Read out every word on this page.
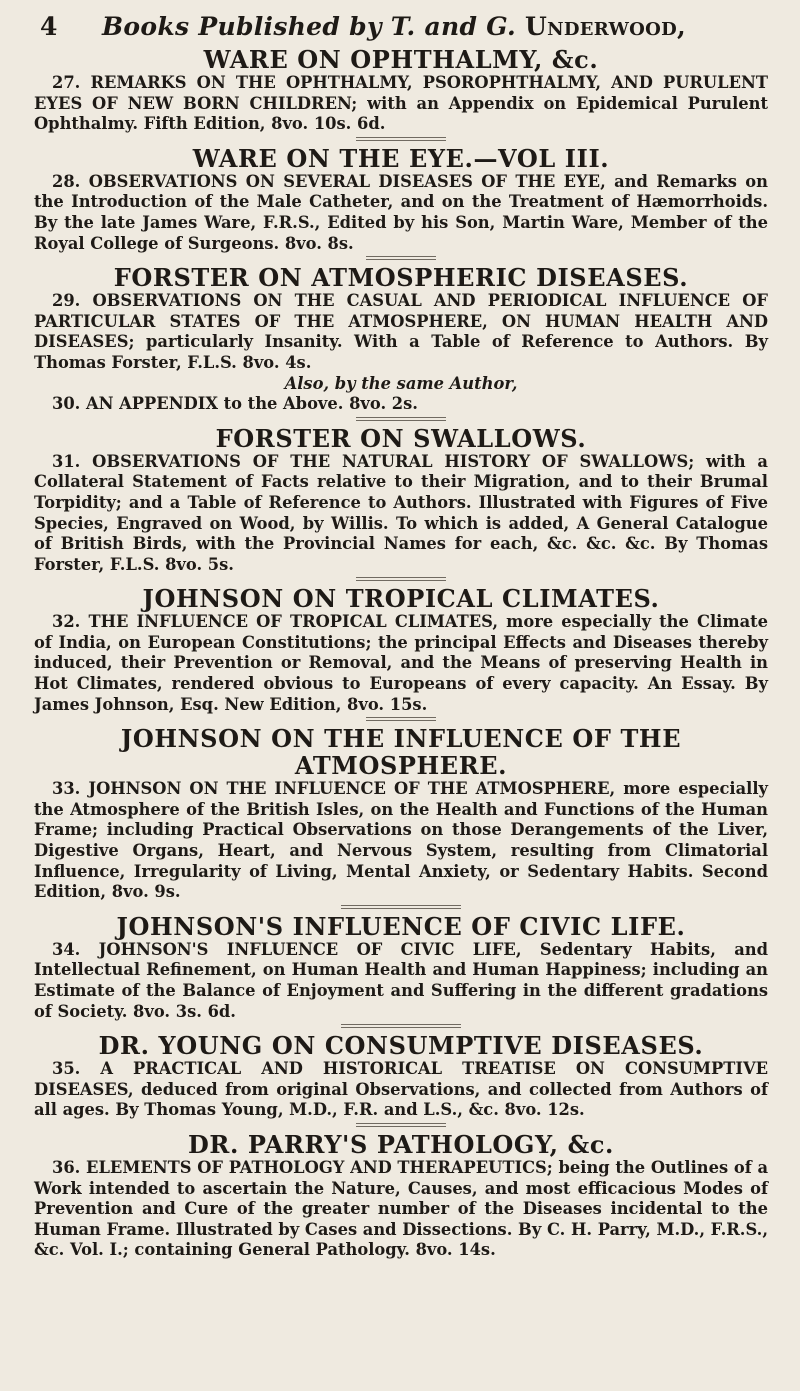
4	Books Published by T. and G. Underwood,
WARE ON OPHTHALMY, &c.

27. REMARKS ON THE OPHTHALMY, PSOROPHTHALMY, AND PURULENT EYES OF NEW BORN CHILDREN; with an Appendix on Epidemical Purulent Ophthalmy. Fifth Edition, 8vo. 10s. 6d.

WARE ON THE EYE.—VOL III.

28. OBSERVATIONS ON SEVERAL DISEASES OF THE EYE, and Remarks on the Introduction of the Male Catheter, and on the Treatment of Hæmorrhoids. By the late James Ware, F.R.S., Edited by his Son, Martin Ware, Member of the Royal College of Surgeons. 8vo. 8s.

FORSTER ON ATMOSPHERIC DISEASES.

29. OBSERVATIONS ON THE CASUAL AND PERIODICAL INFLUENCE OF PARTICULAR STATES OF THE ATMOSPHERE, ON HUMAN HEALTH AND DISEASES; particularly Insanity. With a Table of Reference to Authors. By Thomas Forster, F.L.S. 8vo. 4s.

Also, by the same Author,

30. AN APPENDIX to the Above. 8vo. 2s.

FORSTER ON SWALLOWS.

31. OBSERVATIONS OF THE NATURAL HISTORY OF SWALLOWS; with a Collateral Statement of Facts relative to their Migration, and to their Brumal Torpidity; and a Table of Reference to Authors. Illustrated with Figures of Five Species, Engraved on Wood, by Willis. To which is added, A General Catalogue of British Birds, with the Provincial Names for each, &c. &c. &c. By Thomas Forster, F.L.S. 8vo. 5s.

JOHNSON ON TROPICAL CLIMATES.

32. THE INFLUENCE OF TROPICAL CLIMATES, more especially the Climate of India, on European Constitutions; the principal Effects and Diseases thereby induced, their Prevention or Removal, and the Means of preserving Health in Hot Climates, rendered obvious to Europeans of every capacity. An Essay. By James Johnson, Esq. New Edition, 8vo. 15s.

JOHNSON ON THE INFLUENCE OF THE ATMOSPHERE.

33. JOHNSON ON THE INFLUENCE OF THE ATMOSPHERE, more especially the Atmosphere of the British Isles, on the Health and Functions of the Human Frame; including Practical Observations on those Derangements of the Liver, Digestive Organs, Heart, and Nervous System, resulting from Climatorial Influence, Irregularity of Living, Mental Anxiety, or Sedentary Habits. Second Edition, 8vo. 9s.

JOHNSON'S INFLUENCE OF CIVIC LIFE.

34. JOHNSON'S INFLUENCE OF CIVIC LIFE, Sedentary Habits, and Intellectual Refinement, on Human Health and Human Happiness; including an Estimate of the Balance of Enjoyment and Suffering in the different gradations of Society. 8vo. 3s. 6d.

DR. YOUNG ON CONSUMPTIVE DISEASES.

35. A PRACTICAL AND HISTORICAL TREATISE ON CONSUMPTIVE DISEASES, deduced from original Observations, and collected from Authors of all ages. By Thomas Young, M.D., F.R. and L.S., &c. 8vo. 12s.

DR. PARRY'S PATHOLOGY, &c.

36. ELEMENTS OF PATHOLOGY AND THERAPEUTICS; being the Outlines of a Work intended to ascertain the Nature, Causes, and most efficacious Modes of Prevention and Cure of the greater number of the Diseases incidental to the Human Frame. Illustrated by Cases and Dissections. By C. H. Parry, M.D., F.R.S., &c. Vol. I.; containing General Pathology. 8vo. 14s.
